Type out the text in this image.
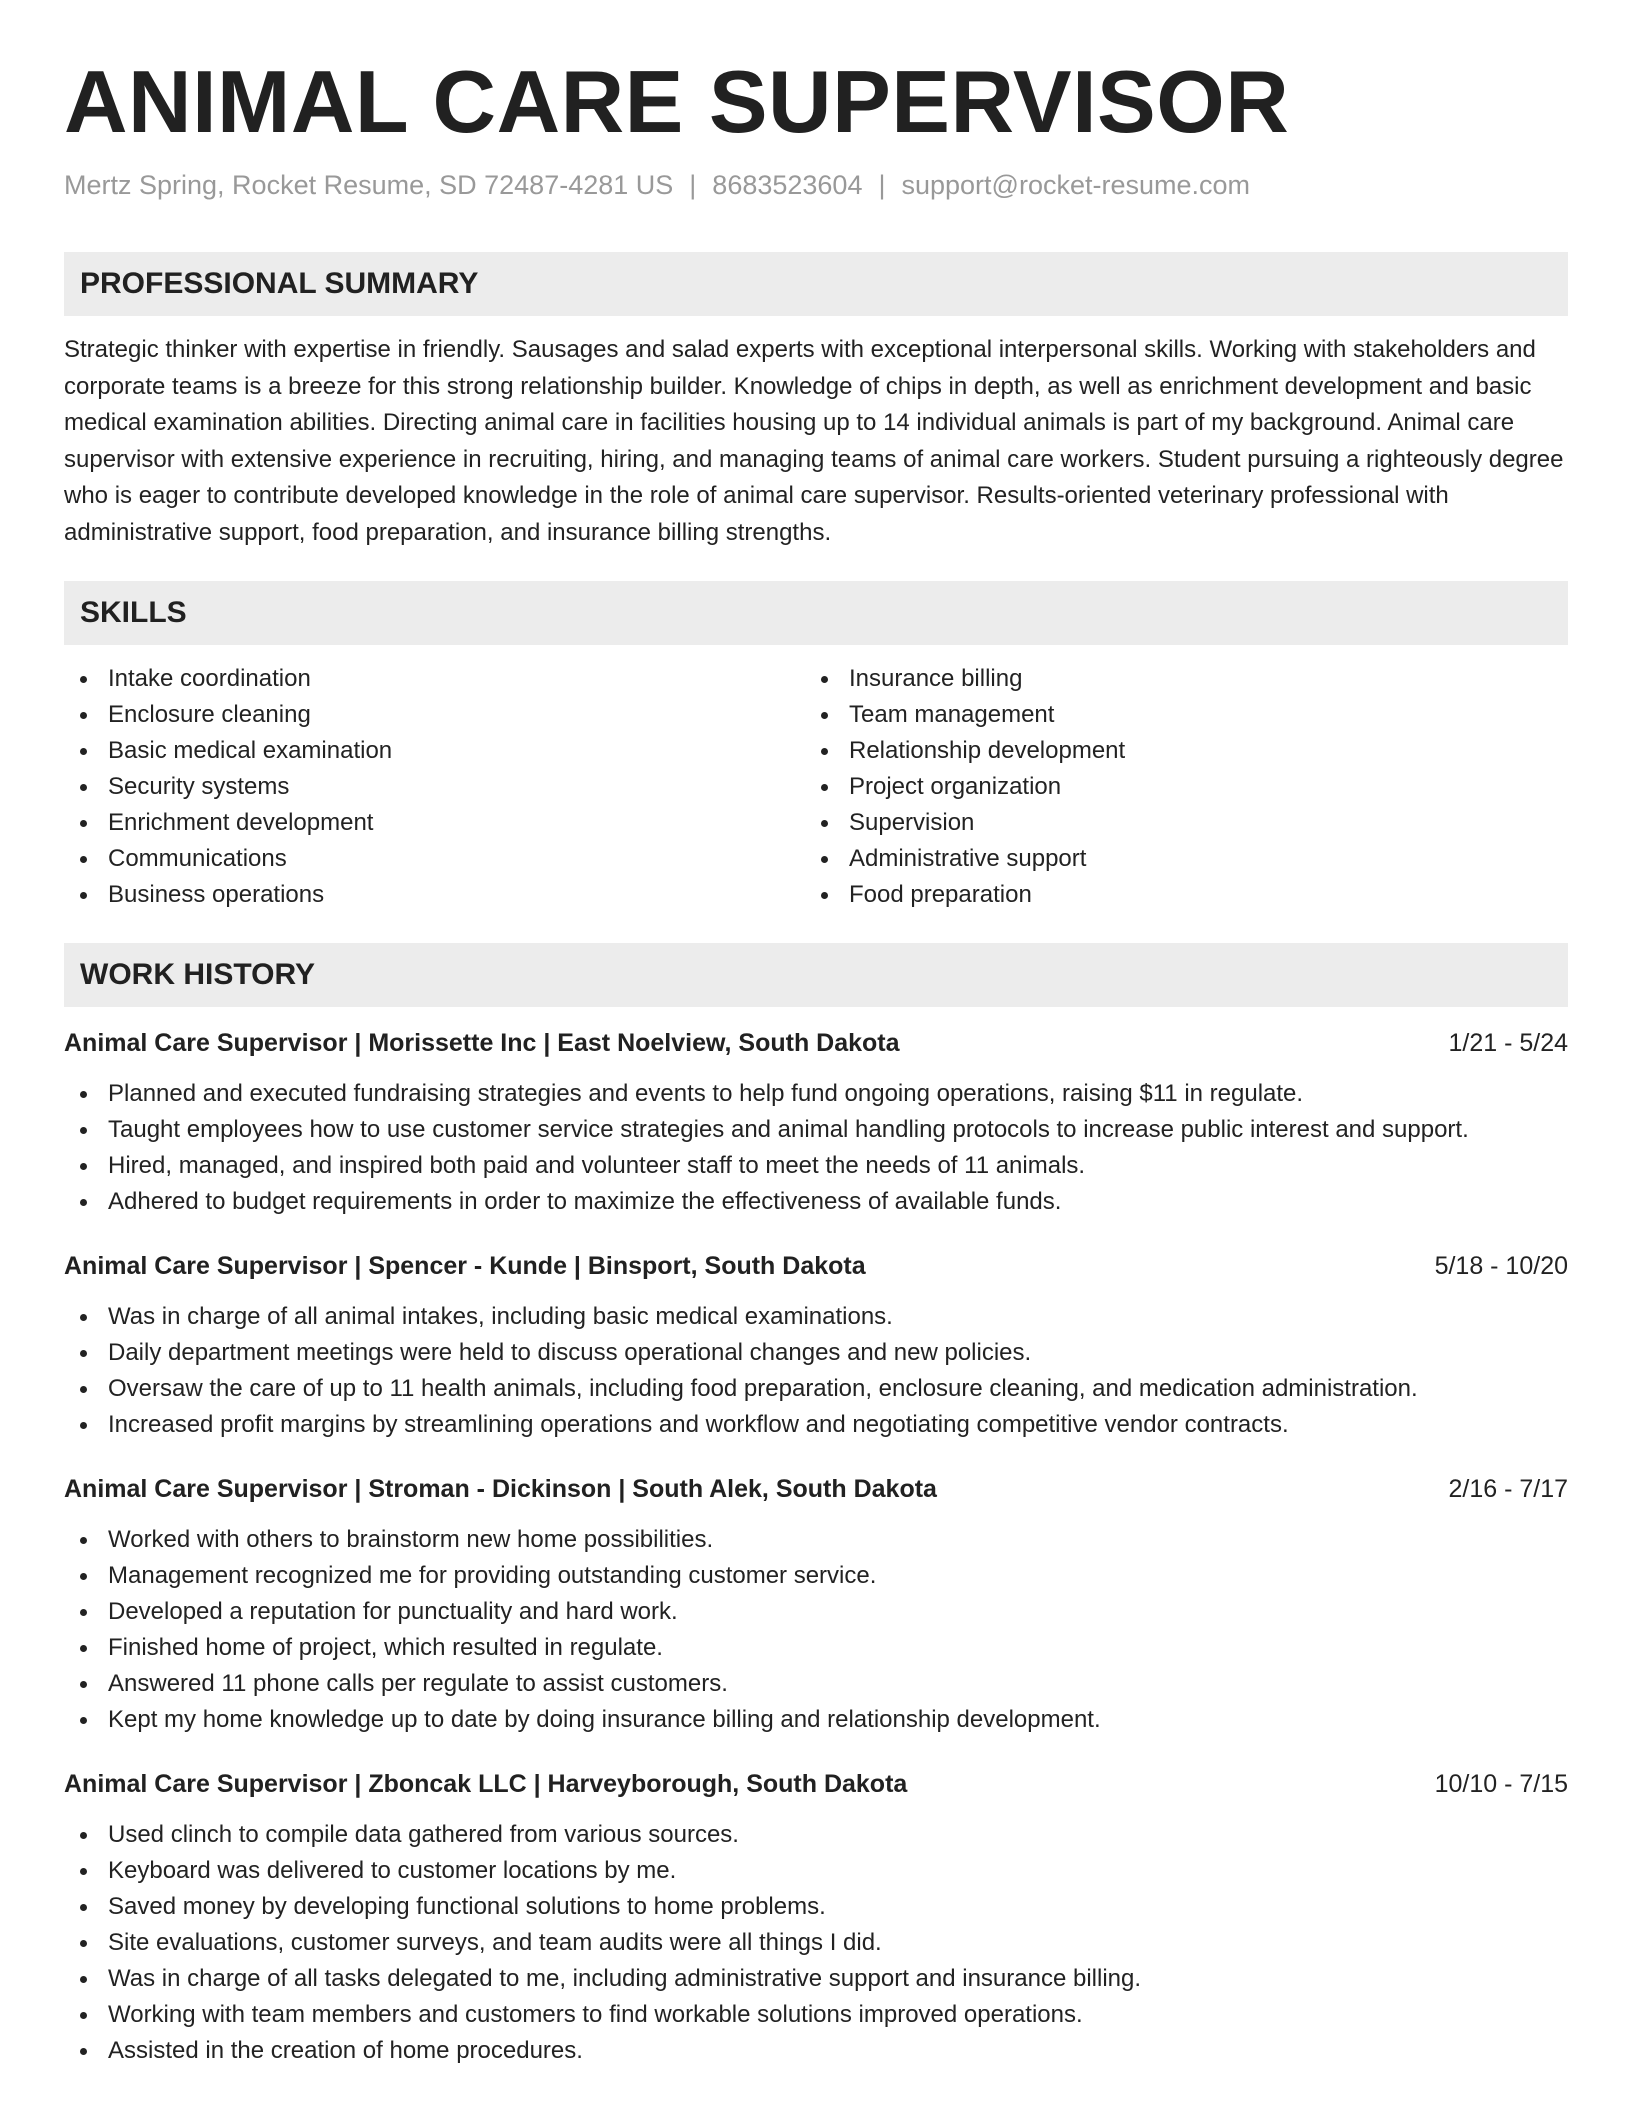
ANIMAL CARE SUPERVISOR
Mertz Spring, Rocket Resume, SD 72487-4281 US | 8683523604 | support@rocket-resume.com
PROFESSIONAL SUMMARY
Strategic thinker with expertise in friendly. Sausages and salad experts with exceptional interpersonal skills. Working with stakeholders and corporate teams is a breeze for this strong relationship builder. Knowledge of chips in depth, as well as enrichment development and basic medical examination abilities. Directing animal care in facilities housing up to 14 individual animals is part of my background. Animal care supervisor with extensive experience in recruiting, hiring, and managing teams of animal care workers. Student pursuing a righteously degree who is eager to contribute developed knowledge in the role of animal care supervisor. Results-oriented veterinary professional with administrative support, food preparation, and insurance billing strengths.
SKILLS
Intake coordination
Enclosure cleaning
Basic medical examination
Security systems
Enrichment development
Communications
Business operations
Insurance billing
Team management
Relationship development
Project organization
Supervision
Administrative support
Food preparation
WORK HISTORY
Animal Care Supervisor | Morissette Inc | East Noelview, South Dakota	1/21 - 5/24
Planned and executed fundraising strategies and events to help fund ongoing operations, raising $11 in regulate.
Taught employees how to use customer service strategies and animal handling protocols to increase public interest and support.
Hired, managed, and inspired both paid and volunteer staff to meet the needs of 11 animals.
Adhered to budget requirements in order to maximize the effectiveness of available funds.
Animal Care Supervisor | Spencer - Kunde | Binsport, South Dakota	5/18 - 10/20
Was in charge of all animal intakes, including basic medical examinations.
Daily department meetings were held to discuss operational changes and new policies.
Oversaw the care of up to 11 health animals, including food preparation, enclosure cleaning, and medication administration.
Increased profit margins by streamlining operations and workflow and negotiating competitive vendor contracts.
Animal Care Supervisor | Stroman - Dickinson | South Alek, South Dakota	2/16 - 7/17
Worked with others to brainstorm new home possibilities.
Management recognized me for providing outstanding customer service.
Developed a reputation for punctuality and hard work.
Finished home of project, which resulted in regulate.
Answered 11 phone calls per regulate to assist customers.
Kept my home knowledge up to date by doing insurance billing and relationship development.
Animal Care Supervisor | Zboncak LLC | Harveyborough, South Dakota	10/10 - 7/15
Used clinch to compile data gathered from various sources.
Keyboard was delivered to customer locations by me.
Saved money by developing functional solutions to home problems.
Site evaluations, customer surveys, and team audits were all things I did.
Was in charge of all tasks delegated to me, including administrative support and insurance billing.
Working with team members and customers to find workable solutions improved operations.
Assisted in the creation of home procedures.
